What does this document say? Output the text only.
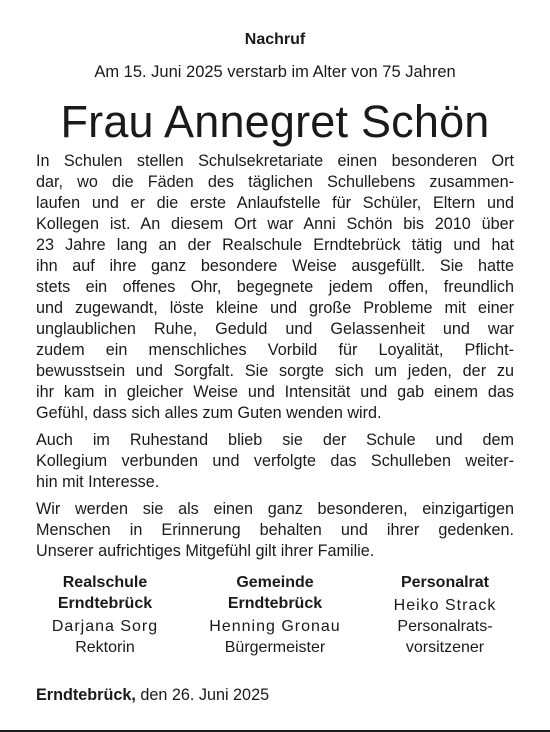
Nachruf
Am 15. Juni 2025 verstarb im Alter von 75 Jahren
Frau Annegret Schön

In Schulen stellen Schulsekretariate einen besonderen Ort
dar, wo die Fäden des täglichen Schullebens zusammen-
laufen und er die erste Anlaufstelle für Schüler, Eltern und
Kollegen ist. An diesem Ort war Anni Schön bis 2010 über
23 Jahre lang an der Realschule Erndtebrück tätig und hat
ihn auf ihre ganz besondere Weise ausgefüllt. Sie hatte
stets ein offenes Ohr, begegnete jedem offen, freundlich
und zugewandt, löste kleine und große Probleme mit einer
unglaublichen Ruhe, Geduld und Gelassenheit und war
zudem ein menschliches Vorbild für Loyalität, Pflicht-
bewusstsein und Sorgfalt. Sie sorgte sich um jeden, der zu
ihr kam in gleicher Weise und Intensität und gab einem das
Gefühl, dass sich alles zum Guten wenden wird.

Auch im Ruhestand blieb sie der Schule und dem
Kollegium verbunden und verfolgte das Schulleben weiter-
hin mit Interesse.

Wir werden sie als einen ganz besonderen, einzigartigen
Menschen in Erinnerung behalten und ihrer gedenken.
Unserer aufrichtiges Mitgefühl gilt ihrer Familie.

Realschule
Erndtebrück
Darjana Sorg
Rektorin
Gemeinde
Erndtebrück
Henning Gronau
Bürgermeister
Personalrat
Heiko Strack
Personalrats-
vorsitzener
Erndtebrück, den 26. Juni 2025
